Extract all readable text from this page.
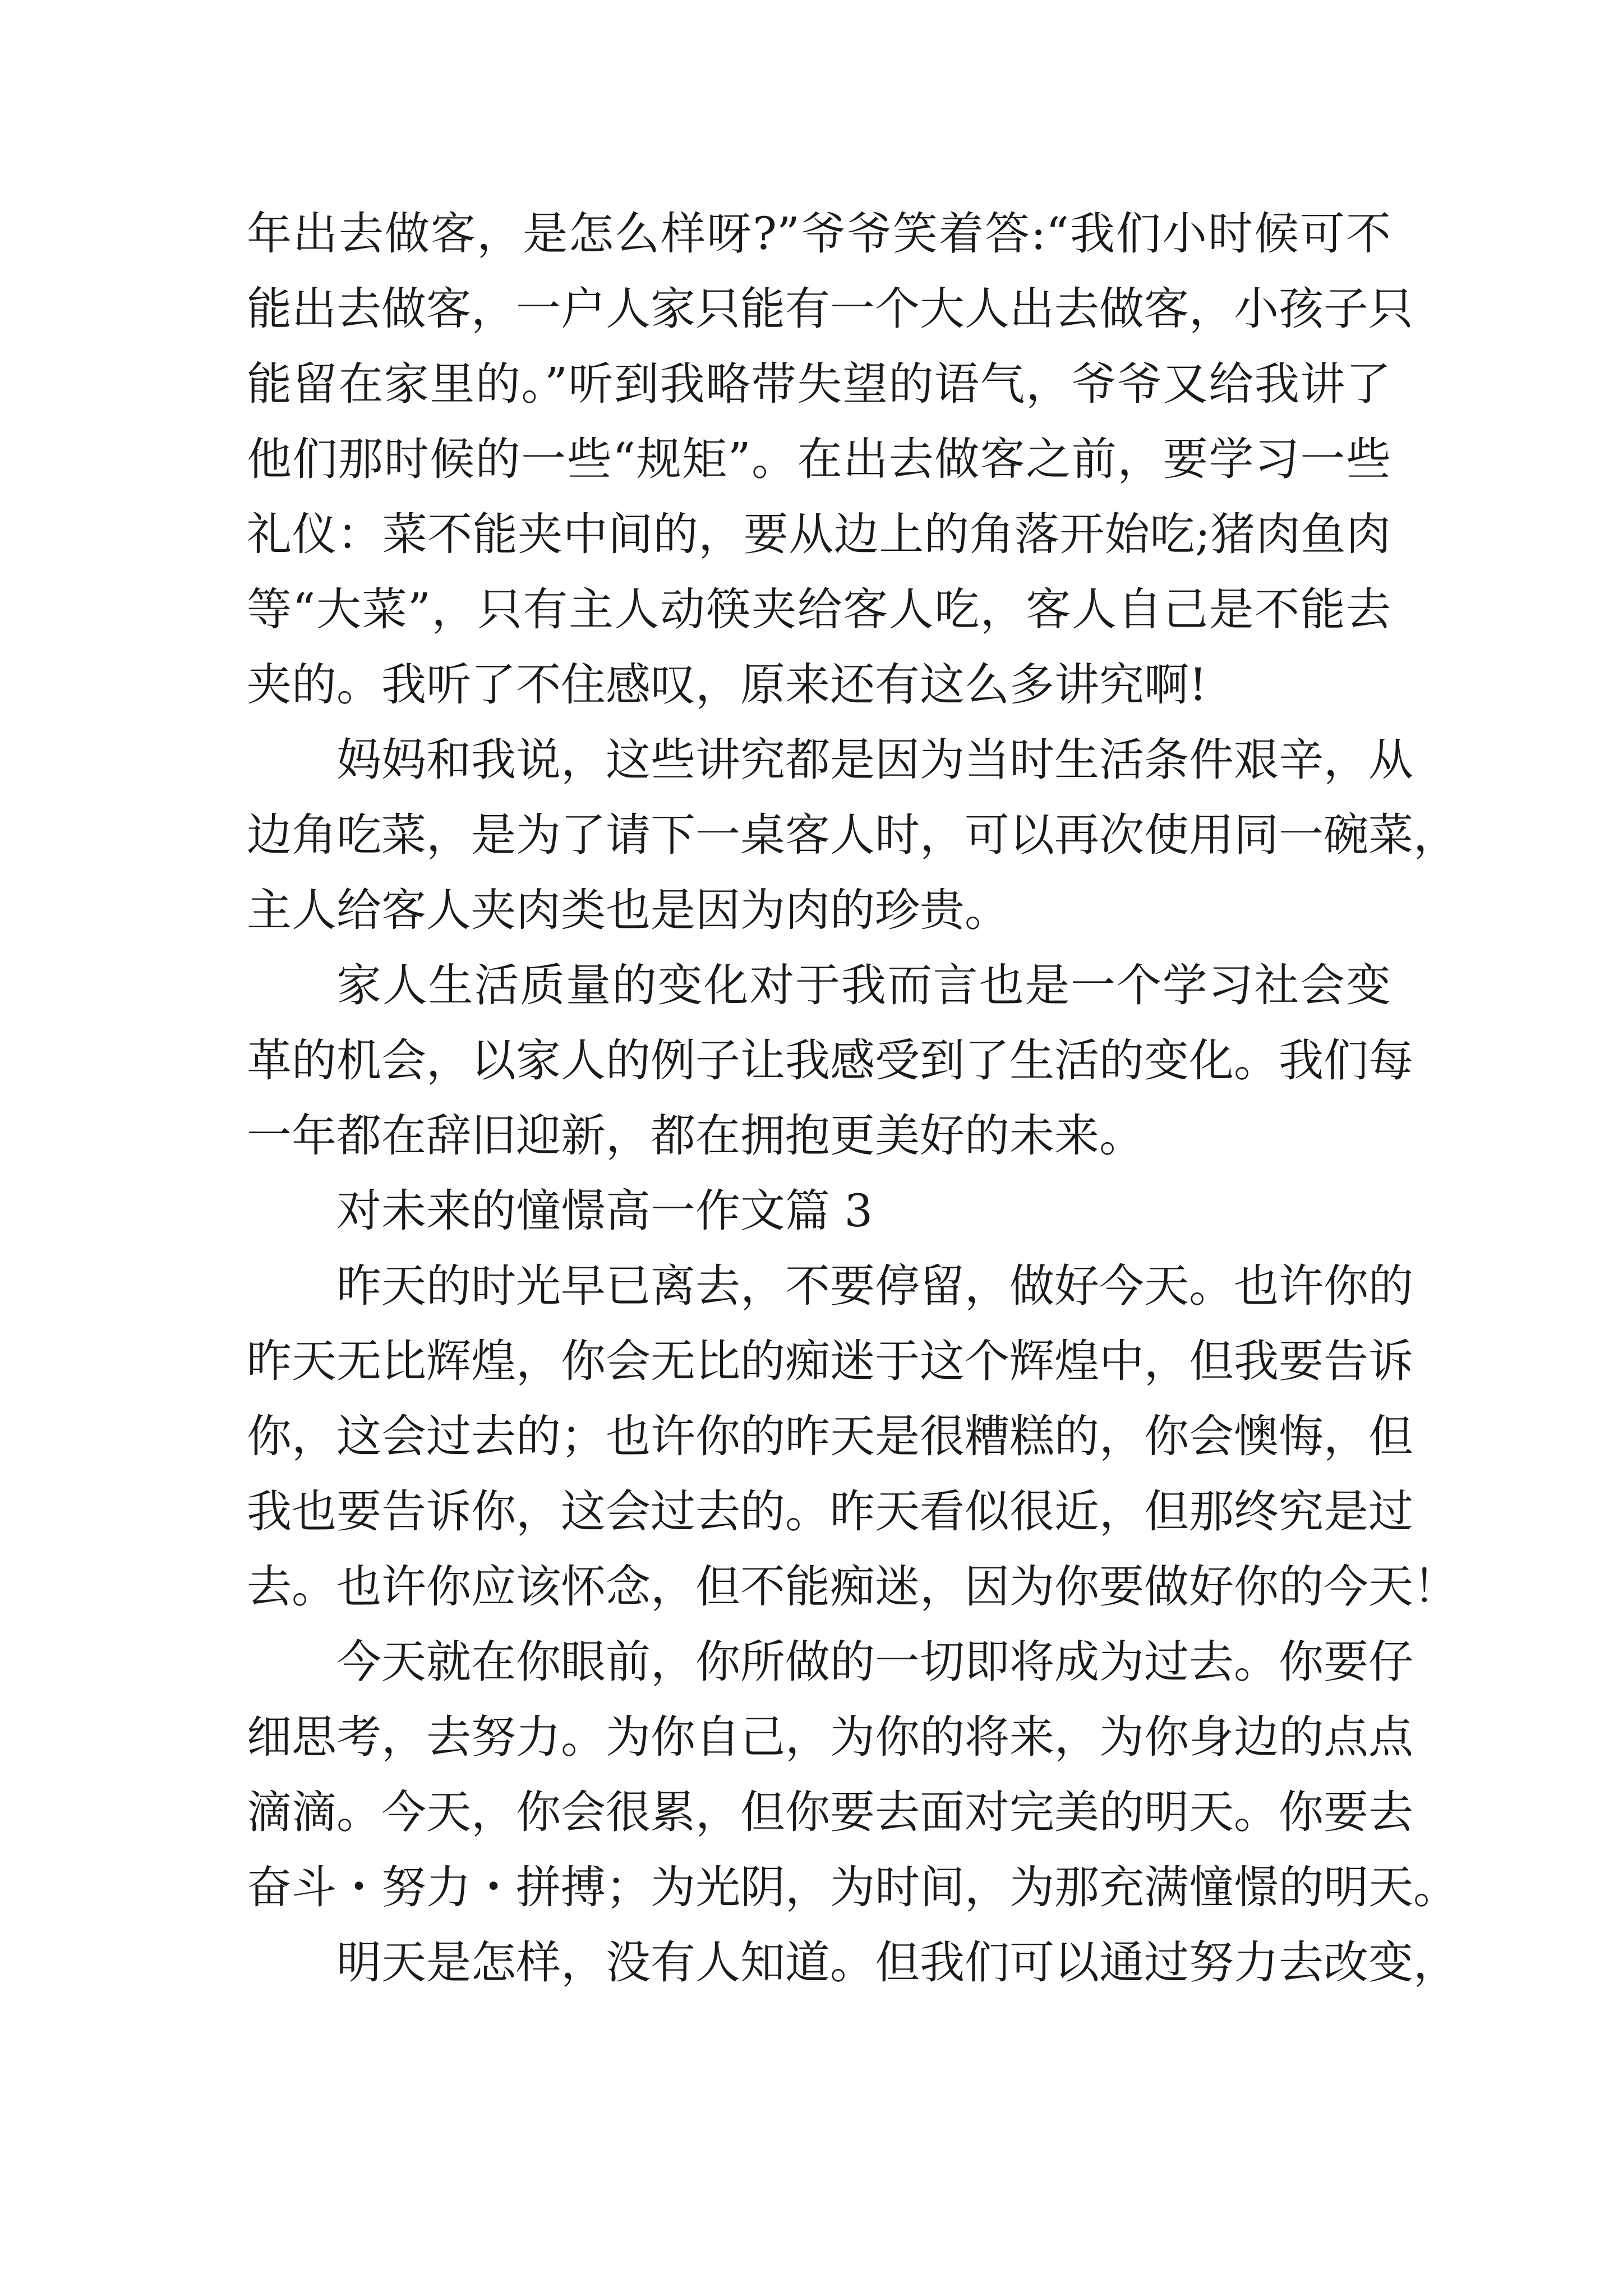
年出去做客，是怎么样呀?”爷爷笑着答:“我们小时候可不
能出去做客，一户人家只能有一个大人出去做客，小孩子只
能留在家里的。”听到我略带失望的语气，爷爷又给我讲了
他们那时候的一些“规矩”。在出去做客之前，要学习一些
礼仪：菜不能夹中间的，要从边上的角落开始吃;猪肉鱼肉
等“大菜”，只有主人动筷夹给客人吃，客人自己是不能去
夹的。我听了不住感叹，原来还有这么多讲究啊!
妈妈和我说，这些讲究都是因为当时生活条件艰辛，从
边角吃菜，是为了请下一桌客人时，可以再次使用同一碗菜，
主人给客人夹肉类也是因为肉的珍贵。
家人生活质量的变化对于我而言也是一个学习社会变
革的机会，以家人的例子让我感受到了生活的变化。我们每
一年都在辞旧迎新，都在拥抱更美好的未来。
对未来的憧憬高一作文篇 3
昨天的时光早已离去，不要停留，做好今天。也许你的
昨天无比辉煌，你会无比的痴迷于这个辉煌中，但我要告诉
你，这会过去的；也许你的昨天是很糟糕的，你会懊悔，但
我也要告诉你，这会过去的。昨天看似很近，但那终究是过
去。也许你应该怀念，但不能痴迷，因为你要做好你的今天！
今天就在你眼前，你所做的一切即将成为过去。你要仔
细思考，去努力。为你自己，为你的将来，为你身边的点点
滴滴。今天，你会很累，但你要去面对完美的明天。你要去
奋斗・努力・拼搏；为光阴，为时间，为那充满憧憬的明天。
明天是怎样，没有人知道。但我们可以通过努力去改变，
